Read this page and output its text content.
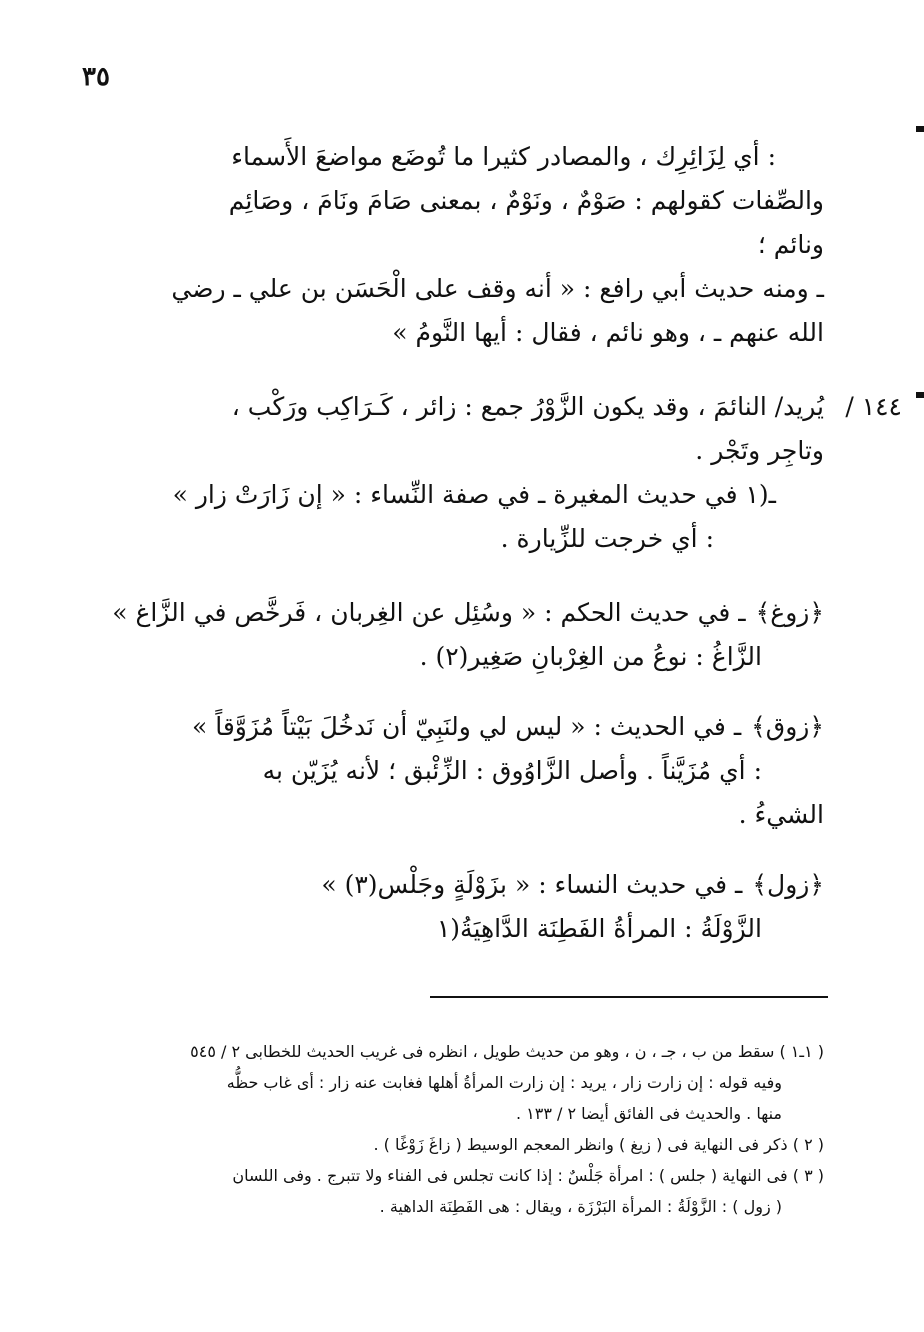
٣٥

: أي لِزَائِرِك ، والمصادر كثيرا ما تُوضَع مواضعَ الأَسماء

والصِّفات كقولهم : صَوْمٌ ، ونَوْمٌ ، بمعنى صَامَ ونَامَ ، وصَائِم

ونائم ؛

ـ ومنه حديث أبي رافع : « أنه وقف على الْحَسَن بن علي ـ رضي

الله عنهم ـ ، وهو نائم ، فقال : أيها النَّومُ »

١٤٤ /

يُريد/ النائمَ ، وقد يكون الزَّوْرُ جمع : زائر ، كَـرَاكِب ورَكْب ،

وتاجِر وتَجْر .

ـ(١ في حديث المغيرة ـ في صفة النِّساء : « إن زَارَتْ زار »

: أي خرجت للزِّيارة .

﴿زوغ﴾ـ في حديث الحكم : « وسُئِل عن الغِربان ، فَرخَّص في الزَّاغ »

الزَّاغُ : نوعُ من الغِرْبانِ صَغِير(٢) .

﴿زوق﴾ـ في الحديث : « ليس لي ولنَبِيّ أن نَدخُلَ بَيْتاً مُزَوَّقاً »

: أي مُزَيَّناً . وأصل الزَّاوُوق : الزِّئْبق ؛ لأنه يُزَيّن به

الشيءُ .

﴿زول﴾ـ في حديث النساء : « بزَوْلَةٍ وجَلْس(٣) »

الزَّوْلَةُ : المرأةُ الفَطِنَة الدَّاهِيَةُ(١

( ١ـ١ ) سقط من ب ، جـ ، ن ، وهو من حديث طويل ، انظره فى غريب الحديث للخطابى ٢ / ٥٤٥

وفيه قوله : إن زارت زار ، يريد : إن زارت المرأةُ أهلها فغابت عنه زار : أى غاب حظُّه

منها . والحديث فى الفائق أيضا ٢ / ١٣٣ .

( ٢ ) ذكر فى النهاية فى ( زيغ ) وانظر المعجم الوسيط ( زاغَ زَوْغًا ) .

( ٣ ) فى النهاية ( جلس ) : امرأة جَلْسٌ : إذا كانت تجلس فى الفناء ولا تتبرج . وفى اللسان

( زول ) : الزَّوْلَةُ : المرأة البَرْزَة ، ويقال : هى الفَطِنَة الداهية .
